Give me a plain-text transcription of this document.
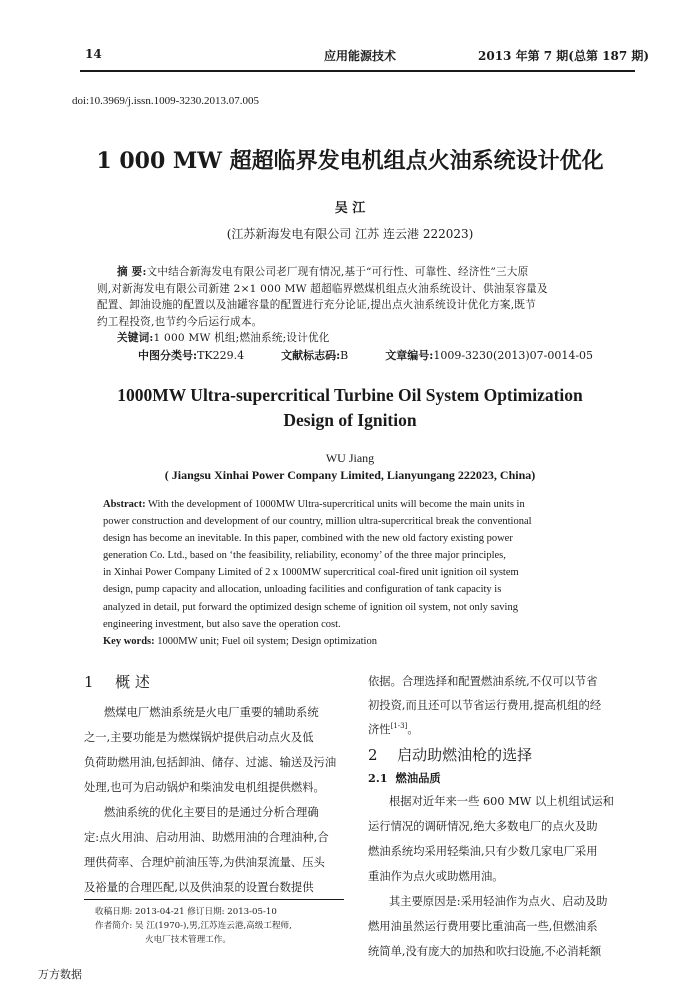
14	应用能源技术	2013 年第 7 期(总第 187 期)
doi:10.3969/j.issn.1009-3230.2013.07.005
1 000 MW 超超临界发电机组点火油系统设计优化
吴 江
(江苏新海发电有限公司 江苏 连云港 222023)
摘 要:文中结合新海发电有限公司老厂现有情况,基于“可行性、可靠性、经济性”三大原
则,对新海发电有限公司新建 2×1 000 MW 超超临界燃煤机组点火油系统设计、供油泵容量及
配置、卸油设施的配置以及油罐容量的配置进行充分论证,提出点火油系统设计优化方案,既节
约工程投资,也节约今后运行成本。
关键词:1 000 MW 机组;燃油系统;设计优化
中图分类号:TK229.4	文献标志码:B	文章编号:1009-3230(2013)07-0014-05
1000MW Ultra-supercritical Turbine Oil System Optimization
Design of Ignition
WU Jiang
( Jiangsu Xinhai Power Company Limited, Lianyungang 222023, China)
Abstract: With the development of 1000MW Ultra-supercritical units will become the main units in
power construction and development of our country, million ultra-supercritical break the conventional
design has become an inevitable. In this paper, combined with the new old factory existing power
generation Co. Ltd., based on ‘the feasibility, reliability, economy’ of the three major principles,
in Xinhai Power Company Limited of 2 x 1000MW supercritical coal-fired unit ignition oil system
design, pump capacity and allocation, unloading facilities and configuration of tank capacity is
analyzed in detail, put forward the optimized design scheme of ignition oil system, not only saving
engineering investment, but also save the operation cost.
Key words: 1000MW unit; Fuel oil system; Design optimization
1 概 述
燃煤电厂燃油系统是火电厂重要的辅助系统
之一,主要功能是为燃煤锅炉提供启动点火及低
负荷助燃用油,包括卸油、储存、过滤、输送及污油
处理,也可为启动锅炉和柴油发电机组提供燃料。
燃油系统的优化主要目的是通过分析合理确
定:点火用油、启动用油、助燃用油的合理油种,合
理供荷率、合理炉前油压等,为供油泵流量、压头
及裕量的合理匹配,以及供油泵的设置台数提供
收稿日期: 2013-04-21 修订日期: 2013-05-10
作者简介: 吴 江(1970-),男,江苏连云港,高级工程师,
火电厂技术管理工作。
依据。合理选择和配置燃油系统,不仅可以节省
初投资,而且还可以节省运行费用,提高机组的经
济性[1-3]。
2 启动助燃油枪的选择
2.1  燃油品质
根据对近年来一些 600 MW 以上机组试运和
运行情况的调研情况,绝大多数电厂的点火及助
燃油系统均采用轻柴油,只有少数几家电厂采用
重油作为点火或助燃用油。
其主要原因是:采用轻油作为点火、启动及助
燃用油虽然运行费用要比重油高一些,但燃油系
统简单,没有庞大的加热和吹扫设施,不必消耗额
万方数据
